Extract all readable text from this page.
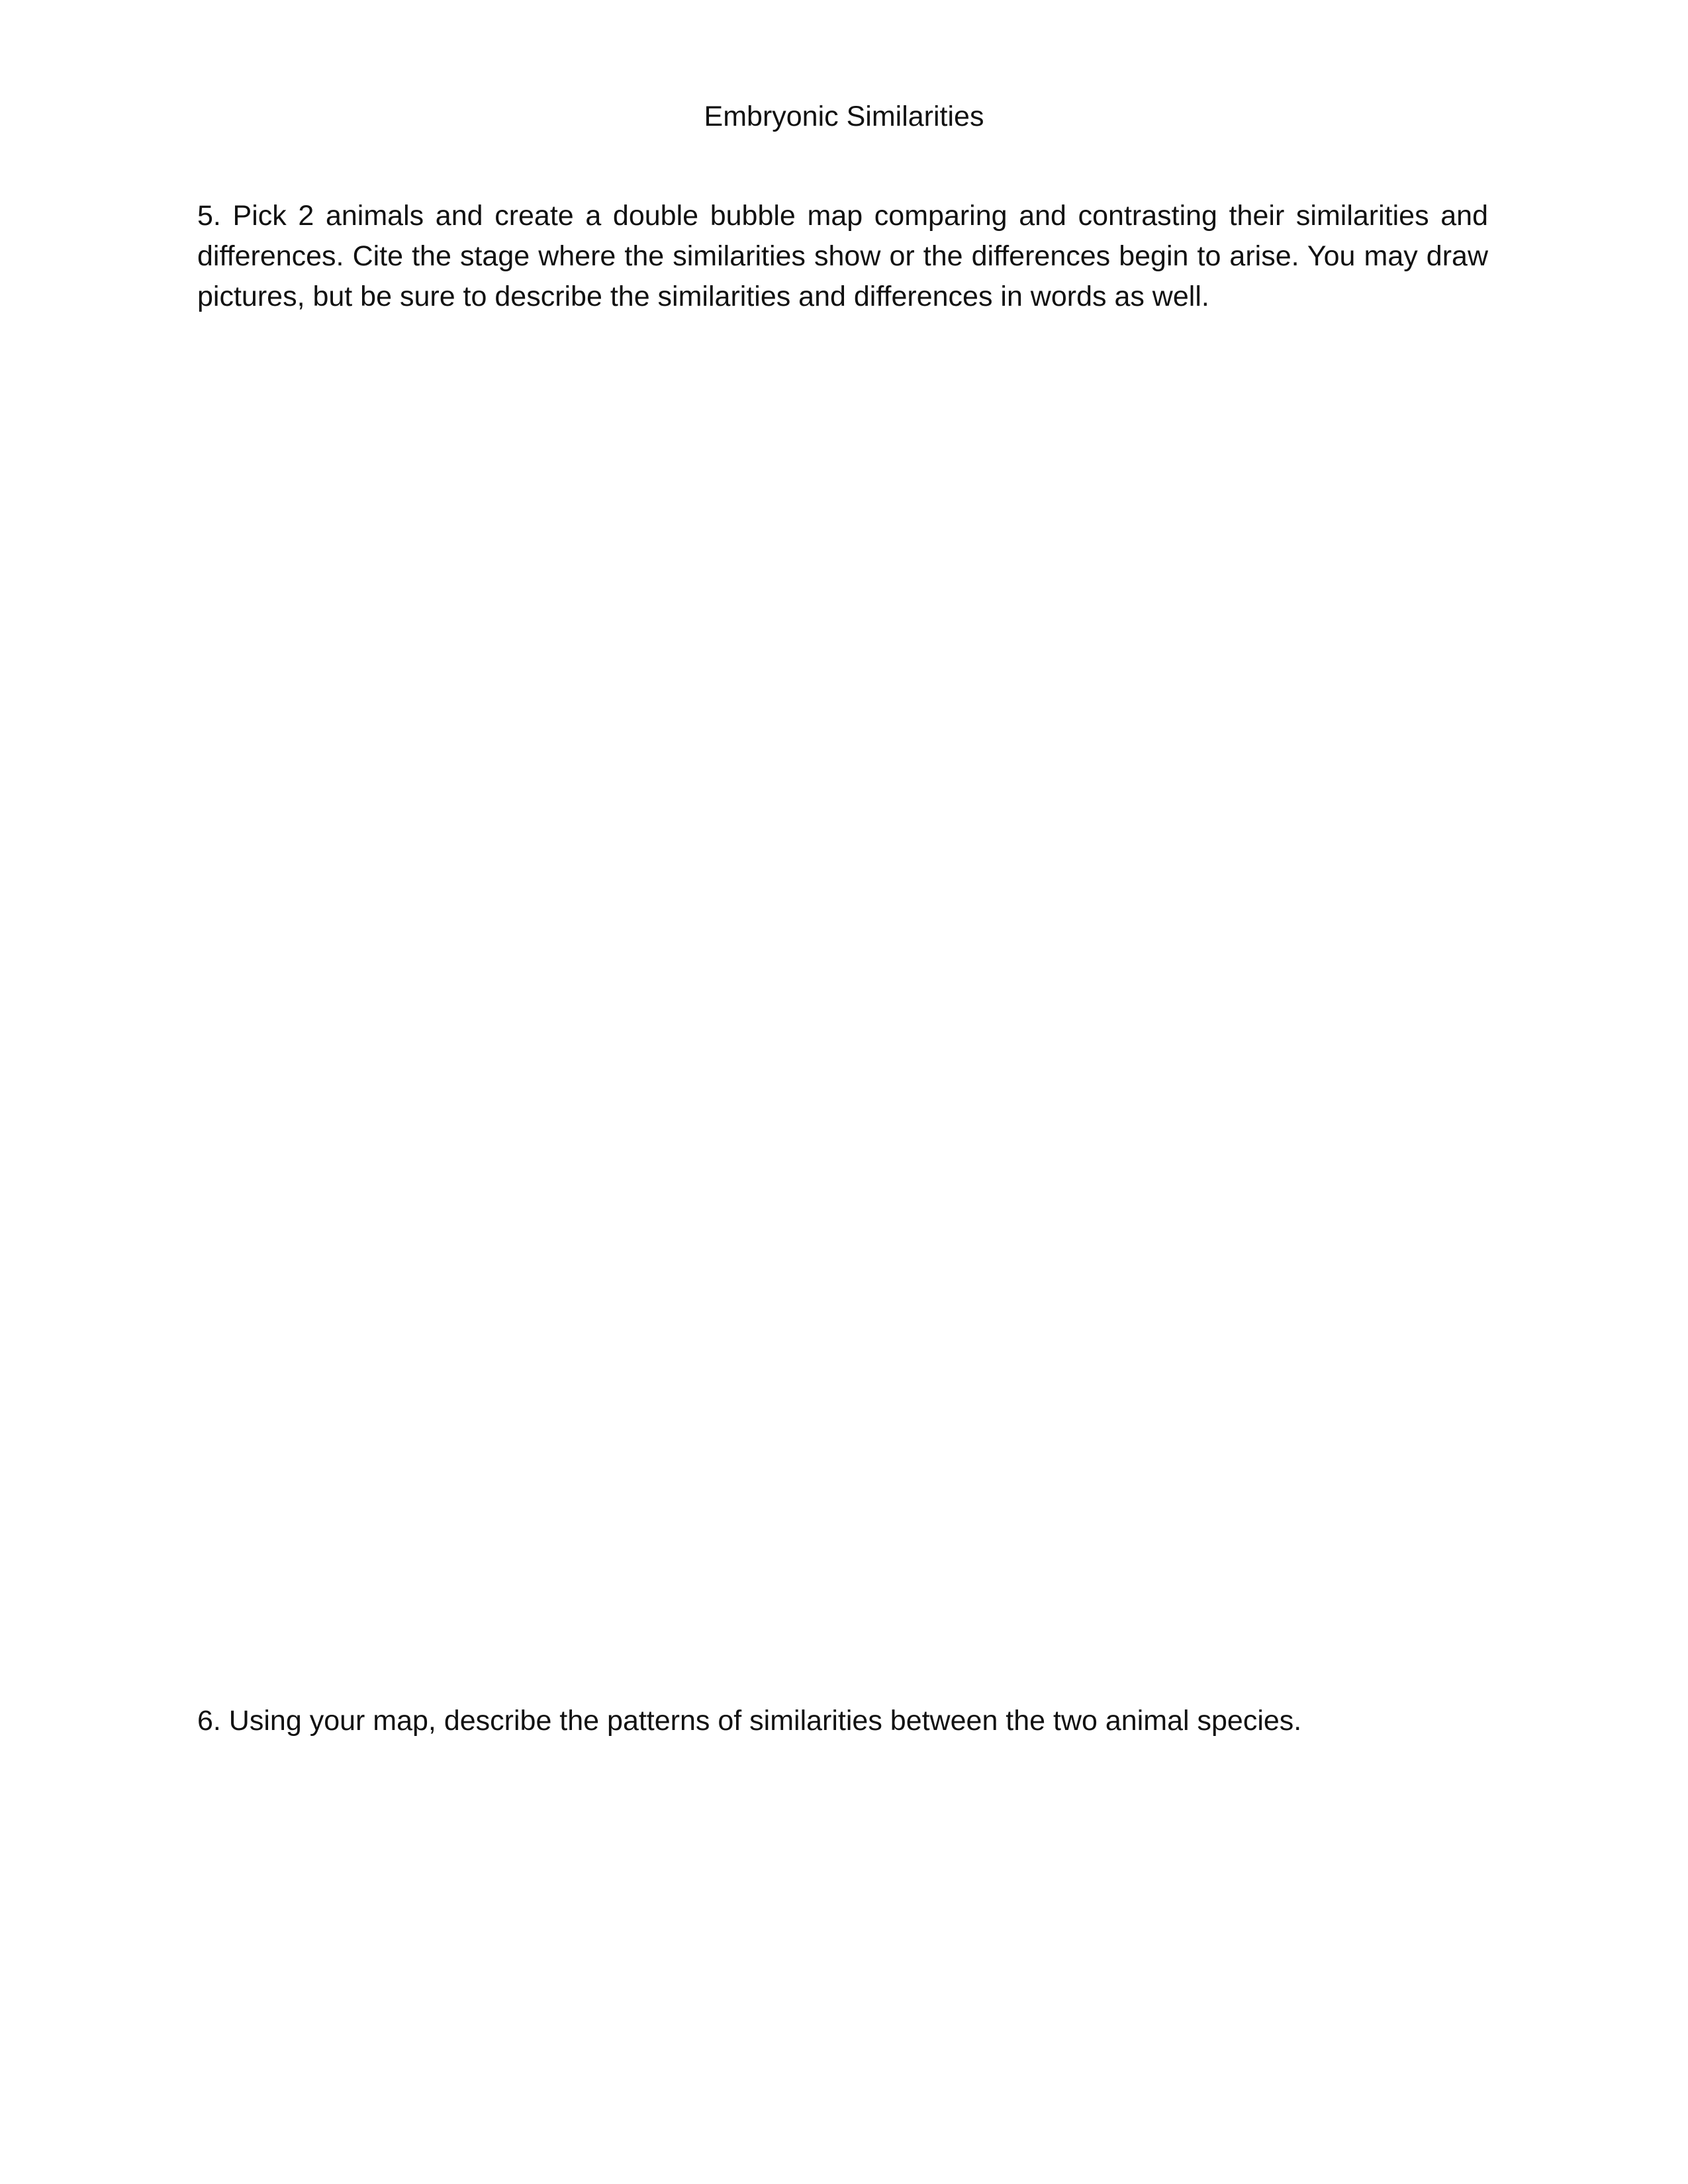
Embryonic Similarities

5. Pick 2 animals and create a double bubble map comparing and contrasting their similarities and differences. Cite the stage where the similarities show or the differences begin to arise. You may draw pictures, but be sure to describe the similarities and differences in words as well.

6. Using your map, describe the patterns of similarities between the two animal species.
